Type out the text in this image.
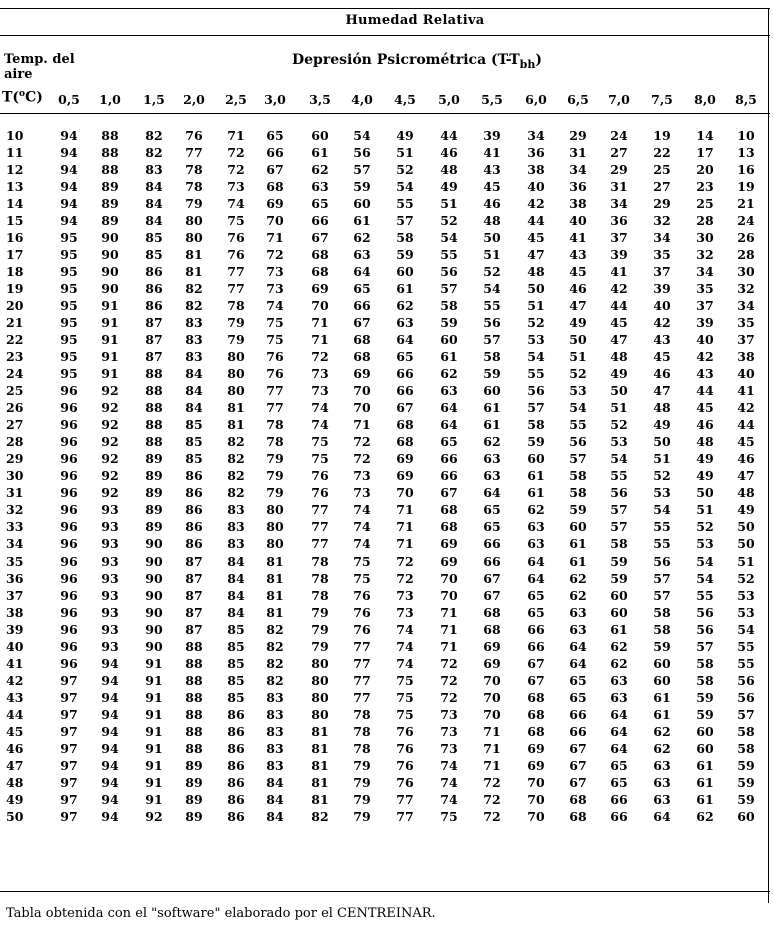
Humedad Relativa
Temp. del
aire
Depresión Psicrométrica $(T-T_{bh})$
T($^o$C) 0,5 1,0 1,5 2,0 2,5 3,0 3,5 4,0 4,5 5,0 5,5 6,0 6,5 7,0 7,5 8,0 8,5
10	94 88 82 76 71 65 60 54 49 44 39 34 29 24 19 14 10
11	94 88 82 77 72 66 61 56 51 46 41 36 31 27 22 17 13
12	94 88 83 78 72 67 62 57 52 48 43 38 34 29 25 20 16
13	94 89 84 78 73 68 63 59 54 49 45 40 36 31 27 23 19
14	94 89 84 79 74 69 65 60 55 51 46 42 38 34 29 25 21
15	94 89 84 80 75 70 66 61 57 52 48 44 40 36 32 28 24
16	95 90 85 80 76 71 67 62 58 54 50 45 41 37 34 30 26
17	95 90 85 81 76 72 68 63 59 55 51 47 43 39 35 32 28
18	95 90 86 81 77 73 68 64 60 56 52 48 45 41 37 34 30
19	95 90 86 82 77 73 69 65 61 57 54 50 46 42 39 35 32
20	95 91 86 82 78 74 70 66 62 58 55 51 47 44 40 37 34
21	95 91 87 83 79 75 71 67 63 59 56 52 49 45 42 39 35
22	95 91 87 83 79 75 71 68 64 60 57 53 50 47 43 40 37
23	95 91 87 83 80 76 72 68 65 61 58 54 51 48 45 42 38
24	95 91 88 84 80 76 73 69 66 62 59 55 52 49 46 43 40
25	96 92 88 84 80 77 73 70 66 63 60 56 53 50 47 44 41
26	96 92 88 84 81 77 74 70 67 64 61 57 54 51 48 45 42
27	96 92 88 85 81 78 74 71 68 64 61 58 55 52 49 46 44
28	96 92 88 85 82 78 75 72 68 65 62 59 56 53 50 48 45
29	96 92 89 85 82 79 75 72 69 66 63 60 57 54 51 49 46
30	96 92 89 86 82 79 76 73 69 66 63 61 58 55 52 49 47
31	96 92 89 86 82 79 76 73 70 67 64 61 58 56 53 50 48
32	96 93 89 86 83 80 77 74 71 68 65 62 59 57 54 51 49
33	96 93 89 86 83 80 77 74 71 68 65 63 60 57 55 52 50
34	96 93 90 86 83 80 77 74 71 69 66 63 61 58 55 53 50
35	96 93 90 87 84 81 78 75 72 69 66 64 61 59 56 54 51
36	96 93 90 87 84 81 78 75 72 70 67 64 62 59 57 54 52
37	96 93 90 87 84 81 78 76 73 70 67 65 62 60 57 55 53
38	96 93 90 87 84 81 79 76 73 71 68 65 63 60 58 56 53
39	96 93 90 87 85 82 79 76 74 71 68 66 63 61 58 56 54
40	96 93 90 88 85 82 79 77 74 71 69 66 64 62 59 57 55
41	96 94 91 88 85 82 80 77 74 72 69 67 64 62 60 58 55
42	97 94 91 88 85 82 80 77 75 72 70 67 65 63 60 58 56
43	97 94 91 88 85 83 80 77 75 72 70 68 65 63 61 59 56
44	97 94 91 88 86 83 80 78 75 73 70 68 66 64 61 59 57
45	97 94 91 88 86 83 81 78 76 73 71 68 66 64 62 60 58
46	97 94 91 88 86 83 81 78 76 73 71 69 67 64 62 60 58
47	97 94 91 89 86 83 81 79 76 74 71 69 67 65 63 61 59
48	97 94 91 89 86 84 81 79 76 74 72 70 67 65 63 61 59
49	97 94 91 89 86 84 81 79 77 74 72 70 68 66 63 61 59
50	97 94 92 89 86 84 82 79 77 75 72 70 68 66 64 62 60
Tabla obtenida con el "software" elaborado por el CENTREINAR.
